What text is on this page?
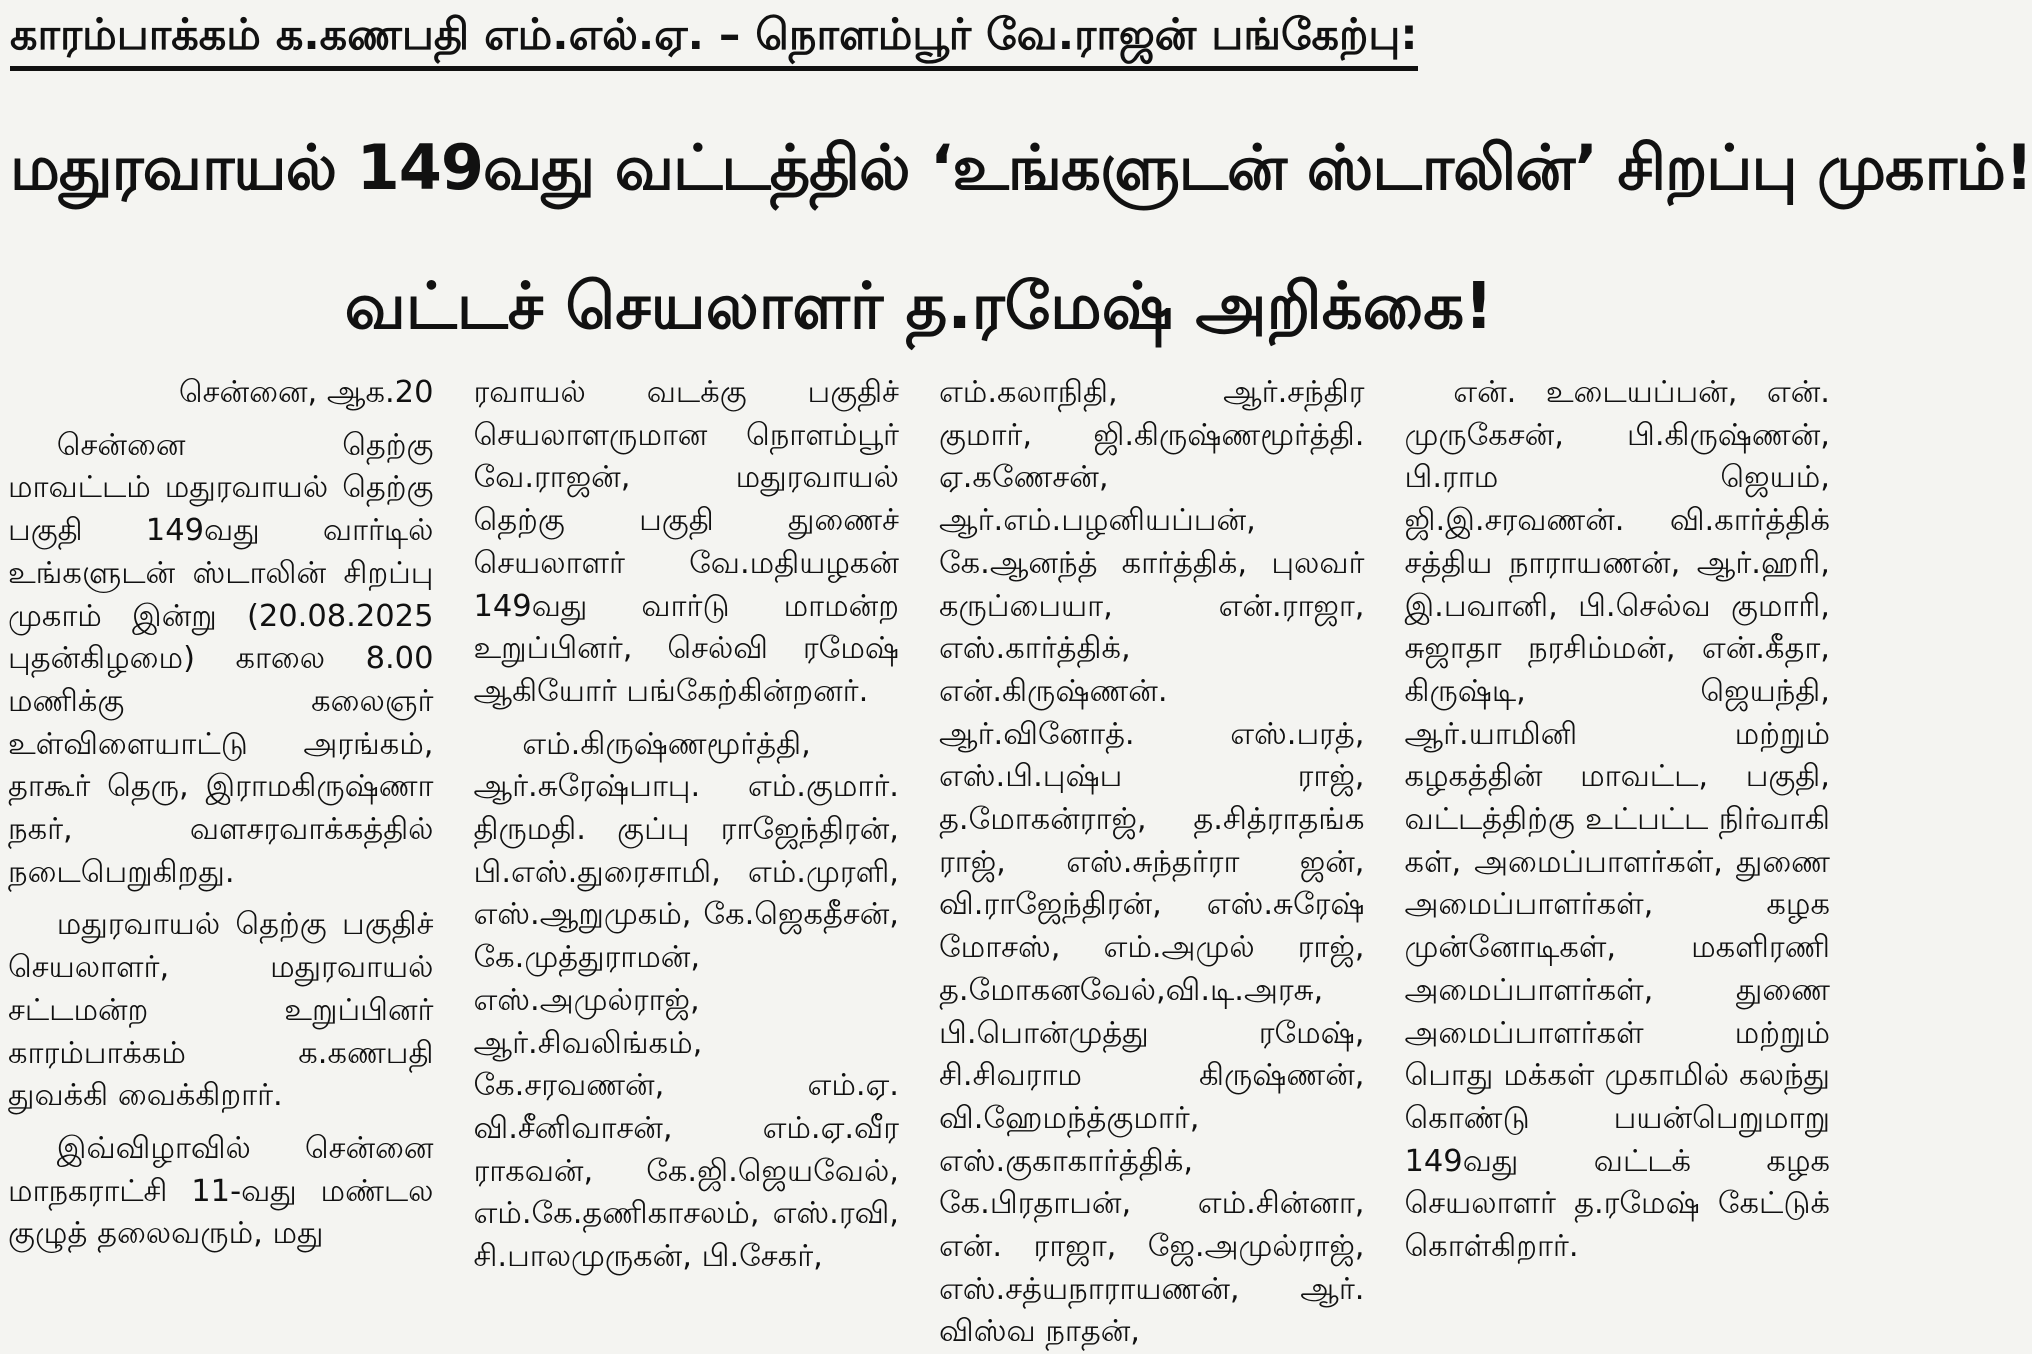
காரம்பாக்கம் க.கணபதி எம்.எல்.ஏ. – நொளம்பூர் வே.ராஜன் பங்கேற்பு:
மதுரவாயல் 149வது வட்டத்தில் ‘உங்களுடன் ஸ்டாலின்’ சிறப்பு முகாம்!
வட்டச் செயலாளர் த.ரமேஷ் அறிக்கை!

சென்னை, ஆக.20

சென்னை தெற்கு மாவட்டம் மதுரவாயல் தெற்கு பகுதி 149வது வார்டில் உங்களுடன் ஸ்டாலின் சிறப்பு முகாம் இன்று (20.08.2025 புதன்கிழமை) காலை 8.00 மணிக்கு கலைஞர் உள்விளையாட்டு அரங்கம், தாகூர் தெரு, இராமகிருஷ்ணா நகர், வளசரவாக்கத்தில் நடைபெறுகிறது.

மதுரவாயல் தெற்கு பகுதிச் செயலாளர், மதுரவாயல் சட்டமன்ற உறுப்பினர் காரம்பாக்கம் க.கணபதி துவக்கி வைக்கிறார்.

இவ்விழாவில் சென்னை மாநகராட்சி 11-வது மண்டல குழுத் தலைவரும், மது

ரவாயல் வடக்கு பகுதிச் செயலாளருமான நொளம்பூர் வே.ராஜன், மதுரவாயல் தெற்கு பகுதி துணைச் செயலாளர் வே.மதியழகன் 149வது வார்டு மாமன்ற உறுப்பினர், செல்வி ரமேஷ் ஆகியோர் பங்கேற்கின்றனர்.

எம்.கிருஷ்ணமூர்த்தி, ஆர்.சுரேஷ்பாபு. எம்.குமார். திருமதி. குப்பு ராஜேந்திரன், பி.எஸ்.துரைசாமி, எம்.முரளி, எஸ்.ஆறுமுகம், கே.ஜெகதீசன், கே.முத்துராமன், எஸ்.அமுல்ராஜ், ஆர்.சிவலிங்கம், கே.சரவணன், எம்.ஏ. வி.சீனிவாசன், எம்.ஏ.வீர ராகவன், கே.ஜி.ஜெயவேல், எம்.கே.தணிகாசலம், எஸ்.ரவி, சி.பாலமுருகன், பி.சேகர்,

எம்.கலாநிதி, ஆர்.சந்திர குமார், ஜி.கிருஷ்ணமூர்த்தி. ஏ.கணேசன், ஆர்.எம்.பழனியப்பன், கே.ஆனந்த் கார்த்திக், புலவர் கருப்பையா, என்.ராஜா, எஸ்.கார்த்திக், என்.கிருஷ்ணன். ஆர்.வினோத். எஸ்.பரத், எஸ்.பி.புஷ்ப ராஜ், த.மோகன்ராஜ், த.சித்ராதங்க ராஜ், எஸ்.சுந்தர்ரா ஜன், வி.ராஜேந்திரன், எஸ்.சுரேஷ் மோசஸ், எம்.அமுல் ராஜ், த.மோகனவேல்,வி.டி.அரசு, பி.பொன்முத்து ரமேஷ், சி.சிவராம கிருஷ்ணன், வி.ஹேமந்த்குமார், எஸ்.குகாகார்த்திக், கே.பிரதாபன், எம்.சின்னா, என். ராஜா, ஜே.அமுல்ராஜ், எஸ்.சத்யநாராயணன், ஆர். விஸ்வ நாதன்,

என். உடையப்பன், என். முருகேசன், பி.கிருஷ்ணன், பி.ராம ஜெயம், ஜி.இ.சரவணன். வி.கார்த்திக் சத்திய நாராயணன், ஆர்.ஹரி, இ.பவானி, பி.செல்வ குமாரி, சுஜாதா நரசிம்மன், என்.கீதா, கிருஷ்டி, ஜெயந்தி, ஆர்.யாமினி மற்றும் கழகத்தின் மாவட்ட, பகுதி, வட்டத்திற்கு உட்பட்ட நிர்வாகி கள், அமைப்பாளர்கள், துணை அமைப்பாளர்கள், கழக முன்னோடிகள், மகளிரணி அமைப்பாளர்கள், துணை அமைப்பாளர்கள் மற்றும் பொது மக்கள் முகாமில் கலந்து கொண்டு பயன்பெறுமாறு 149வது வட்டக் கழக செயலாளர் த.ரமேஷ் கேட்டுக் கொள்கிறார்.
